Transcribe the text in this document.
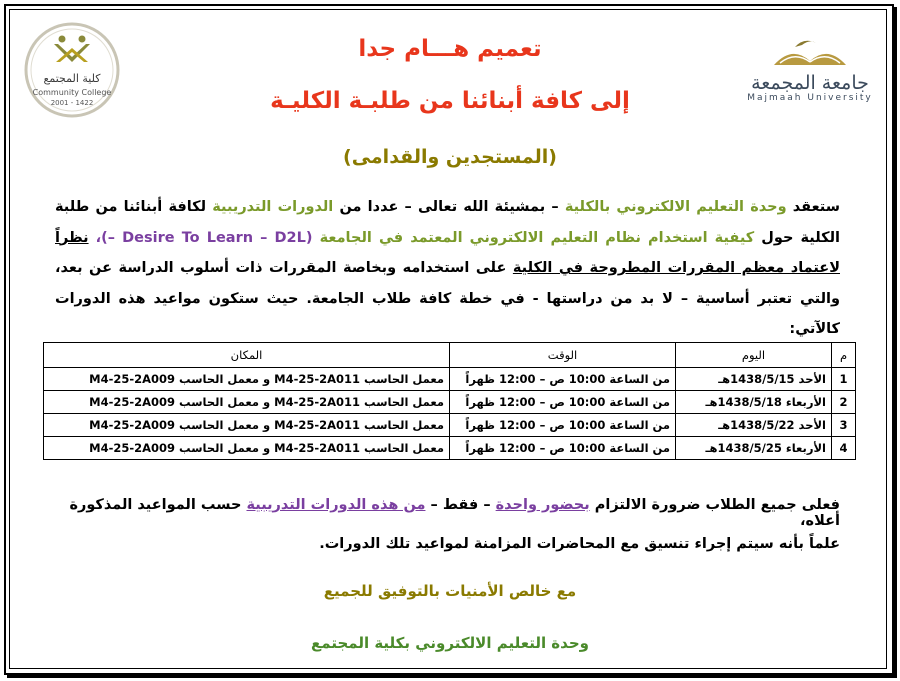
كلية المجتمع
Community College
2001 - 1422
جامعة المجمعة
Majmaah University
تعميم هـــام جدا
إلى كافة أبنائنا من طلبـة الكليـة
(المستجدين والقدامى)
ستعقد وحدة التعليم الالكتروني بالكلية – بمشيئة الله تعالى – عددا من الدورات التدريبية لكافة أبنائنا من طلبة الكلية حول كيفية استخدام نظام التعليم الالكتروني المعتمد في الجامعة (Desire To Learn – D2L –)، نظراً لاعتماد معظم المقررات المطروحة في الكلية على استخدامه وبخاصة المقررات ذات أسلوب الدراسة عن بعد، والتي تعتبر أساسية – لا بد من دراستها - في خطة كافة طلاب الجامعة. حيث ستكون مواعيد هذه الدورات كالآتي:
م	اليوم	الوقت	المكان
1	الأحد 1438/5/15هـ	من الساعة 10:00 ص – 12:00 ظهراً	معمل الحاسب M4-25-2A011 و معمل الحاسب M4-25-2A009
2	الأربعاء 1438/5/18هـ	من الساعة 10:00 ص – 12:00 ظهراً	معمل الحاسب M4-25-2A011 و معمل الحاسب M4-25-2A009
3	الأحد 1438/5/22هـ	من الساعة 10:00 ص – 12:00 ظهراً	معمل الحاسب M4-25-2A011 و معمل الحاسب M4-25-2A009
4	الأربعاء 1438/5/25هـ	من الساعة 10:00 ص – 12:00 ظهراً	معمل الحاسب M4-25-2A011 و معمل الحاسب M4-25-2A009
فعلى جميع الطلاب ضرورة الالتزام بحضور واحدة – فقط – من هذه الدورات التدريبية حسب المواعيد المذكورة أعلاه،
علماً بأنه سيتم إجراء تنسيق مع المحاضرات المزامنة لمواعيد تلك الدورات.
مع خالص الأمنيات بالتوفيق للجميع
وحدة التعليم الالكتروني بكلية المجتمع
